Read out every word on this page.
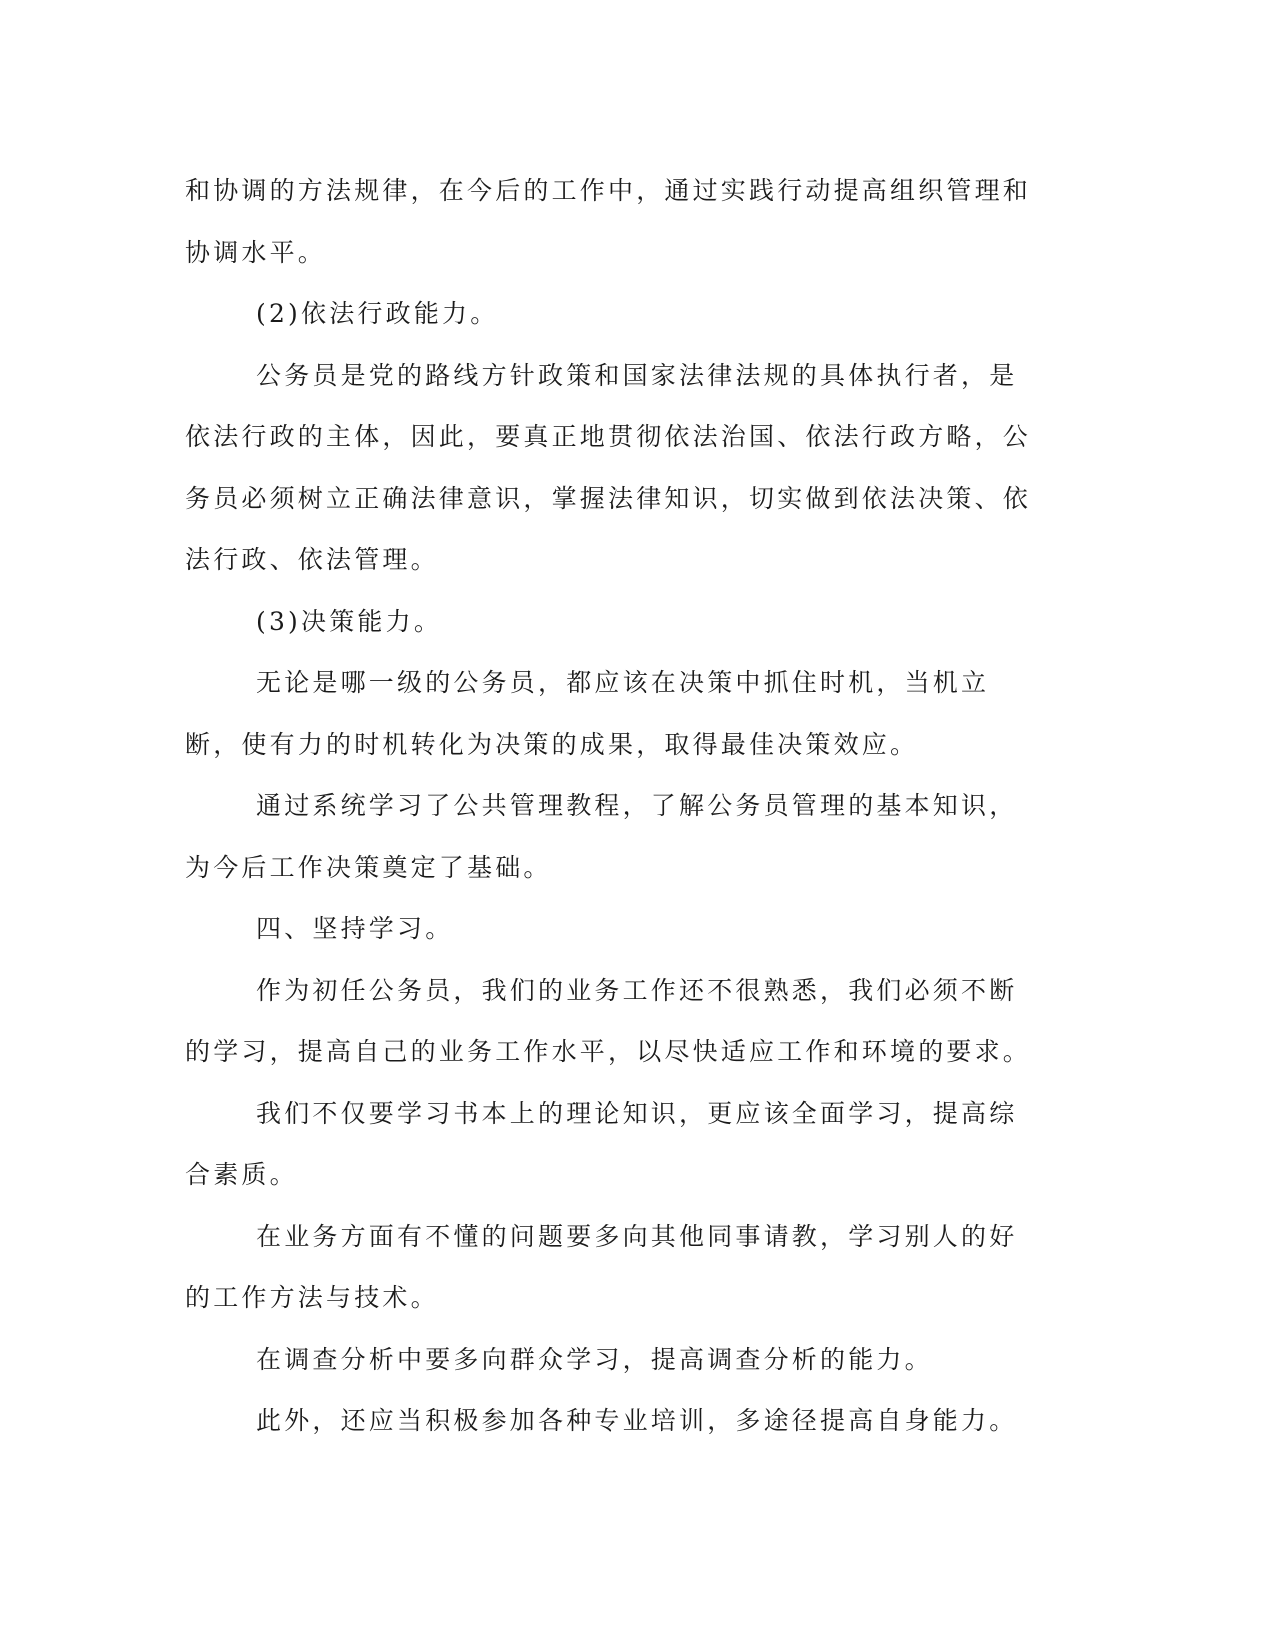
和协调的方法规律，在今后的工作中，通过实践行动提高组织管理和协调水平。

(2)依法行政能力。

公务员是党的路线方针政策和国家法律法规的具体执行者，是依法行政的主体，因此，要真正地贯彻依法治国、依法行政方略，公务员必须树立正确法律意识，掌握法律知识，切实做到依法决策、依法行政、依法管理。

(3)决策能力。

无论是哪一级的公务员，都应该在决策中抓住时机，当机立断，使有力的时机转化为决策的成果，取得最佳决策效应。

通过系统学习了公共管理教程，了解公务员管理的基本知识，为今后工作决策奠定了基础。

四、坚持学习。

作为初任公务员，我们的业务工作还不很熟悉，我们必须不断的学习，提高自己的业务工作水平，以尽快适应工作和环境的要求。

我们不仅要学习书本上的理论知识，更应该全面学习，提高综合素质。

在业务方面有不懂的问题要多向其他同事请教，学习别人的好的工作方法与技术。

在调查分析中要多向群众学习，提高调查分析的能力。

此外，还应当积极参加各种专业培训，多途径提高自身能力。
